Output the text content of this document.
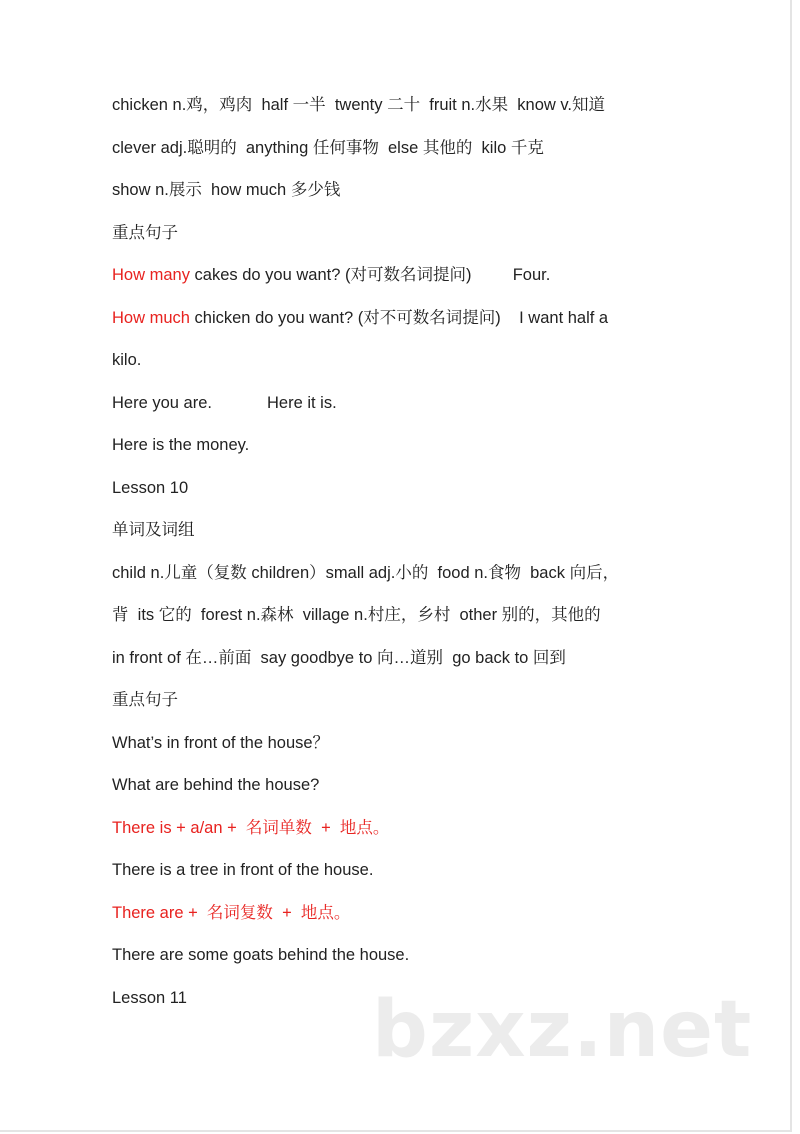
bzxz.net
chicken n.鸡，鸡肉  half 一半  twenty 二十  fruit n.水果  know v.知道
clever adj.聪明的  anything 任何事物  else 其他的  kilo 千克
show n.展示  how much 多少钱
重点句子
How many cakes do you want? (对可数名词提问)         Four.
How much chicken do you want? (对不可数名词提问)    I want half a
kilo.
Here you are.            Here it is.
Here is the money.
Lesson 10
单词及词组
child n.儿童（复数 children）small adj.小的  food n.食物  back 向后，
背  its 它的  forest n.森林  village n.村庄，乡村  other 别的，其他的
in front of 在…前面  say goodbye to 向…道别  go back to 回到
重点句子
What’s in front of the house？
What are behind the house?
There is + a/an +  名词单数  +  地点。
There is a tree in front of the house.
There are +  名词复数  +  地点。
There are some goats behind the house.
Lesson 11
